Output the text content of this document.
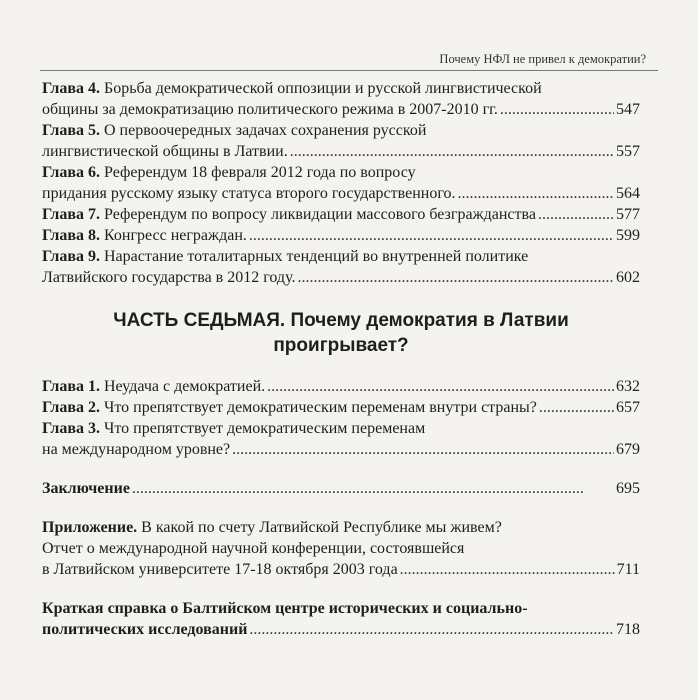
Почему НФЛ не привел к демократии?
Глава 4. Борьба демократической оппозиции и русской лингвистической
общины за демократизацию политического режима в 2007-2010 гг. . . .	547
Глава 5. О первоочередных задачах сохранения русской
лингвистической общины в Латвии. . . .	557
Глава 6. Референдум 18 февраля 2012 года по вопросу
придания русскому языку статуса второго государственного. . . .	564
Глава 7.
Референдум по вопросу ликвидации массового безгражданства . . .	577
Глава 8.
Конгресс неграждан. . . .	599
Глава 9. Нарастание тоталитарных тенденций во внутренней политике
Латвийского государства в 2012 году. . . .	602
ЧАСТЬ СЕДЬМАЯ. Почему демократия в Латвии
проигрывает?
Глава 1.
Неудача с демократией. . . .	632
Глава 2.
Что препятствует демократическим переменам внутри страны? . . .	657
Глава 3. Что препятствует демократическим переменам
на международном уровне? . . .	679
Заключение . . .	695
Приложение. В какой по счету Латвийской Республике мы живем?
Отчет о международной научной конференции, состоявшейся
в Латвийском университете 17-18 октября 2003 года . . .	711
Краткая справка о Балтийском центре исторических и социально-
политических исследований . . .	718
